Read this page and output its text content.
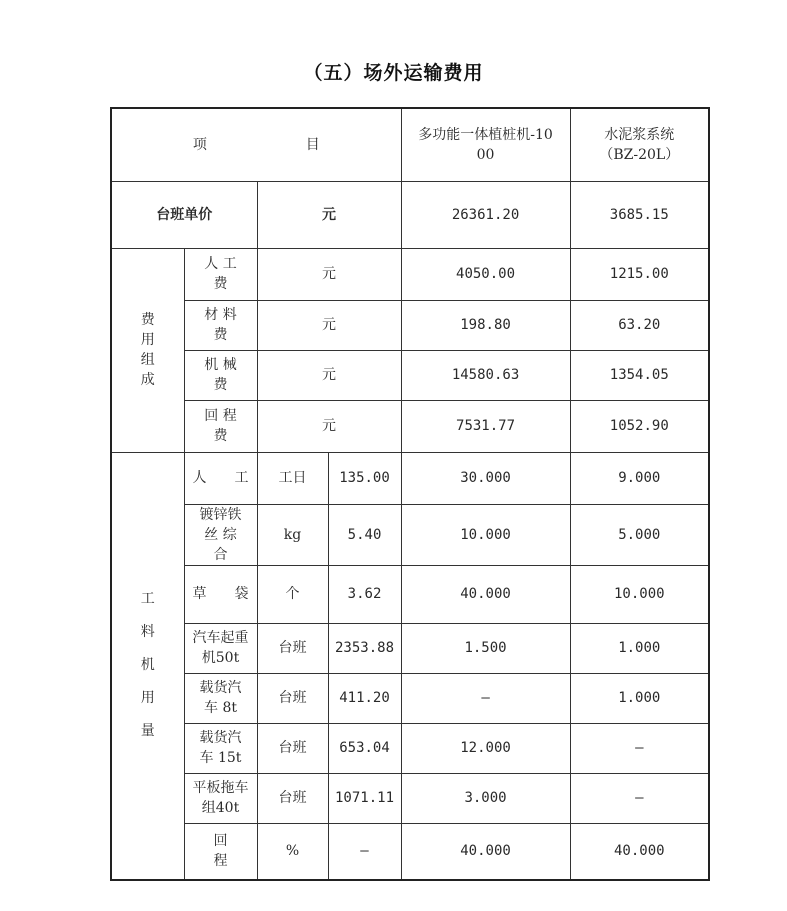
（五）场外运输费用
项 目				多功能一体植桩机-1000	水泥浆系统（BZ-20L）

台班单价		元		26361.20	3685.15

费用组成	人 工费	元		4050.00	1215.00

	材 料费	元		198.80	63.20

	机 械费	元		14580.63	1354.05

	回 程费	元		7531.77	1052.90

工料机用量	人　　工	工日	135.00	30.000	9.000

	镀锌铁丝 综合	kg	5.40	10.000	5.000
	草　　袋	个	3.62	40.000	10.000

	汽车起重机50t	台班	2353.88	1.500	1.000

	载货汽车 8t	台班	411.20	—	1.000

	载货汽车 15t	台班	653.04	12.000	—

	平板拖车组40t	台班	1071.11	3.000	—

	回程	%	—	40.000	40.000
